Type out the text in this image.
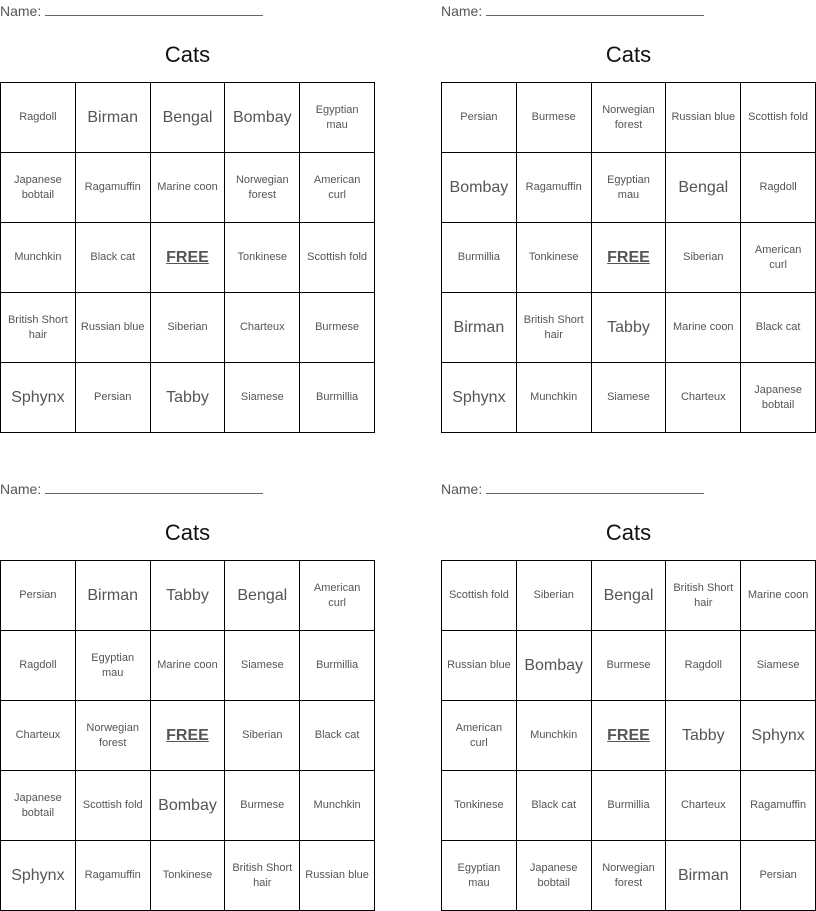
Name:
Cats
Ragdoll	Birman	Bengal	Bombay	Egyptian mau
Japanese bobtail	Ragamuffin	Marine coon	Norwegian forest	American curl
Munchkin	Black cat	FREE	Tonkinese	Scottish fold
British Short hair	Russian blue	Siberian	Charteux	Burmese
Sphynx	Persian	Tabby	Siamese	Burmillia
Name:
Cats
Persian	Burmese	Norwegian forest	Russian blue	Scottish fold
Bombay	Ragamuffin	Egyptian mau	Bengal	Ragdoll
Burmillia	Tonkinese	FREE	Siberian	American curl
Birman	British Short hair	Tabby	Marine coon	Black cat
Sphynx	Munchkin	Siamese	Charteux	Japanese bobtail
Name:
Cats
Persian	Birman	Tabby	Bengal	American curl
Ragdoll	Egyptian mau	Marine coon	Siamese	Burmillia
Charteux	Norwegian forest	FREE	Siberian	Black cat
Japanese bobtail	Scottish fold	Bombay	Burmese	Munchkin
Sphynx	Ragamuffin	Tonkinese	British Short hair	Russian blue
Name:
Cats
Scottish fold	Siberian	Bengal	British Short hair	Marine coon
Russian blue	Bombay	Burmese	Ragdoll	Siamese
American curl	Munchkin	FREE	Tabby	Sphynx
Tonkinese	Black cat	Burmillia	Charteux	Ragamuffin
Egyptian mau	Japanese bobtail	Norwegian forest	Birman	Persian
